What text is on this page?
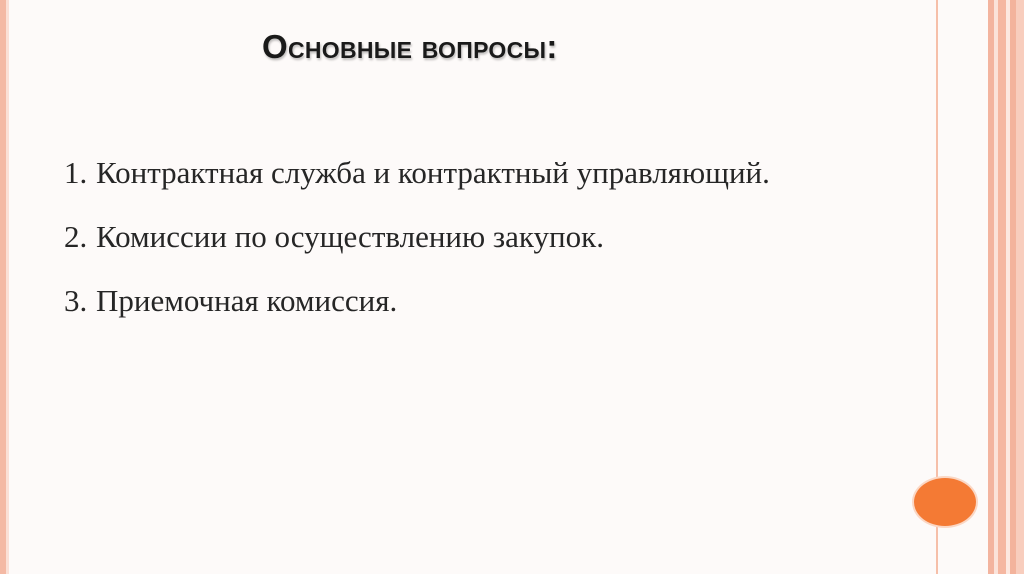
Основные вопросы:
1. Контрактная служба и контрактный управляющий.
2. Комиссии по осуществлению закупок.
3. Приемочная комиссия.
